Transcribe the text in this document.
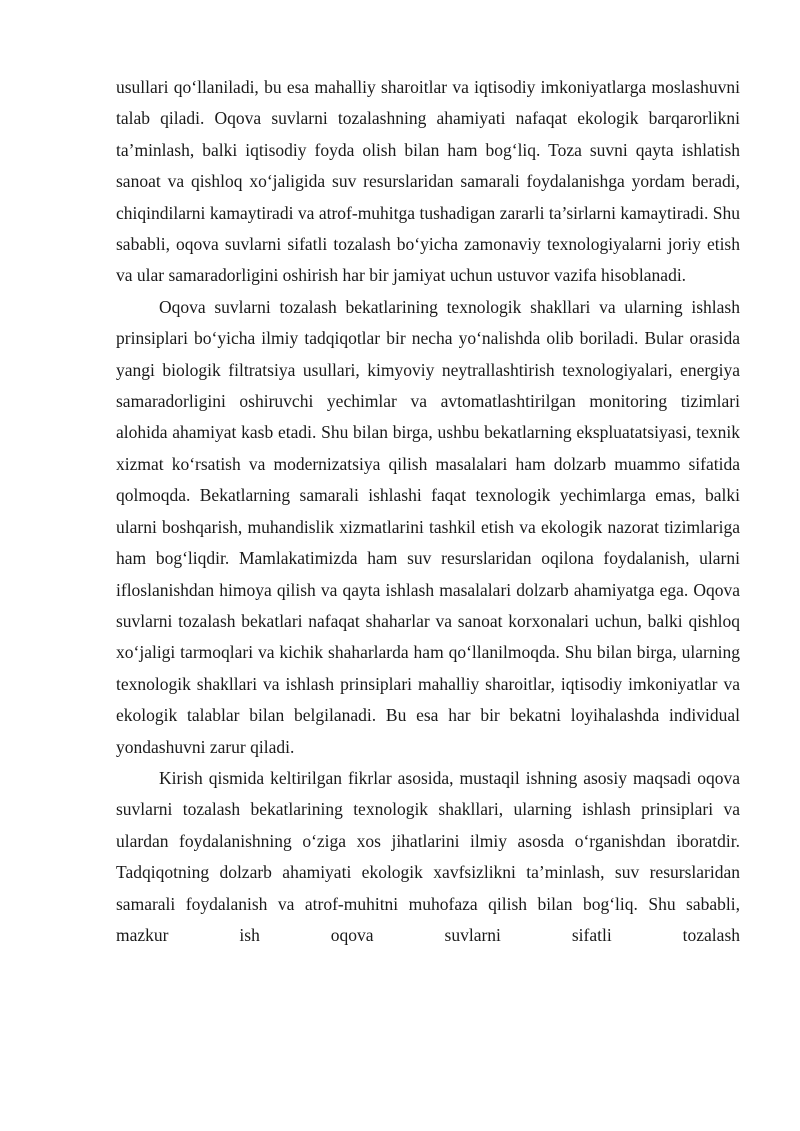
usullari qo‘llaniladi, bu esa mahalliy sharoitlar va iqtisodiy imkoniyatlarga moslashuvni talab qiladi. Oqova suvlarni tozalashning ahamiyati nafaqat ekologik barqarorlikni ta’minlash, balki iqtisodiy foyda olish bilan ham bog‘liq. Toza suvni qayta ishlatish sanoat va qishloq xo‘jaligida suv resurslaridan samarali foydalanishga yordam beradi, chiqindilarni kamaytiradi va atrof-muhitga tushadigan zararli ta’sirlarni kamaytiradi. Shu sababli, oqova suvlarni sifatli tozalash bo‘yicha zamonaviy texnologiyalarni joriy etish va ular samaradorligini oshirish har bir jamiyat uchun ustuvor vazifa hisoblanadi.

Oqova suvlarni tozalash bekatlarining texnologik shakllari va ularning ishlash prinsiplari bo‘yicha ilmiy tadqiqotlar bir necha yo‘nalishda olib boriladi. Bular orasida yangi biologik filtratsiya usullari, kimyoviy neytrallashtirish texnologiyalari, energiya samaradorligini oshiruvchi yechimlar va avtomatlashtirilgan monitoring tizimlari alohida ahamiyat kasb etadi. Shu bilan birga, ushbu bekatlarning ekspluatatsiyasi, texnik xizmat ko‘rsatish va modernizatsiya qilish masalalari ham dolzarb muammo sifatida qolmoqda. Bekatlarning samarali ishlashi faqat texnologik yechimlarga emas, balki ularni boshqarish, muhandislik xizmatlarini tashkil etish va ekologik nazorat tizimlariga ham bog‘liqdir. Mamlakatimizda ham suv resurslaridan oqilona foydalanish, ularni ifloslanishdan himoya qilish va qayta ishlash masalalari dolzarb ahamiyatga ega. Oqova suvlarni tozalash bekatlari nafaqat shaharlar va sanoat korxonalari uchun, balki qishloq xo‘jaligi tarmoqlari va kichik shaharlarda ham qo‘llanilmoqda. Shu bilan birga, ularning texnologik shakllari va ishlash prinsiplari mahalliy sharoitlar, iqtisodiy imkoniyatlar va ekologik talablar bilan belgilanadi. Bu esa har bir bekatni loyihalashda individual yondashuvni zarur qiladi.

Kirish qismida keltirilgan fikrlar asosida, mustaqil ishning asosiy maqsadi oqova suvlarni tozalash bekatlarining texnologik shakllari, ularning ishlash prinsiplari va ulardan foydalanishning o‘ziga xos jihatlarini ilmiy asosda o‘rganishdan iboratdir. Tadqiqotning dolzarb ahamiyati ekologik xavfsizlikni ta’minlash, suv resurslaridan samarali foydalanish va atrof-muhitni muhofaza qilish bilan bog‘liq. Shu sababli, mazkur ish oqova suvlarni sifatli tozalash
